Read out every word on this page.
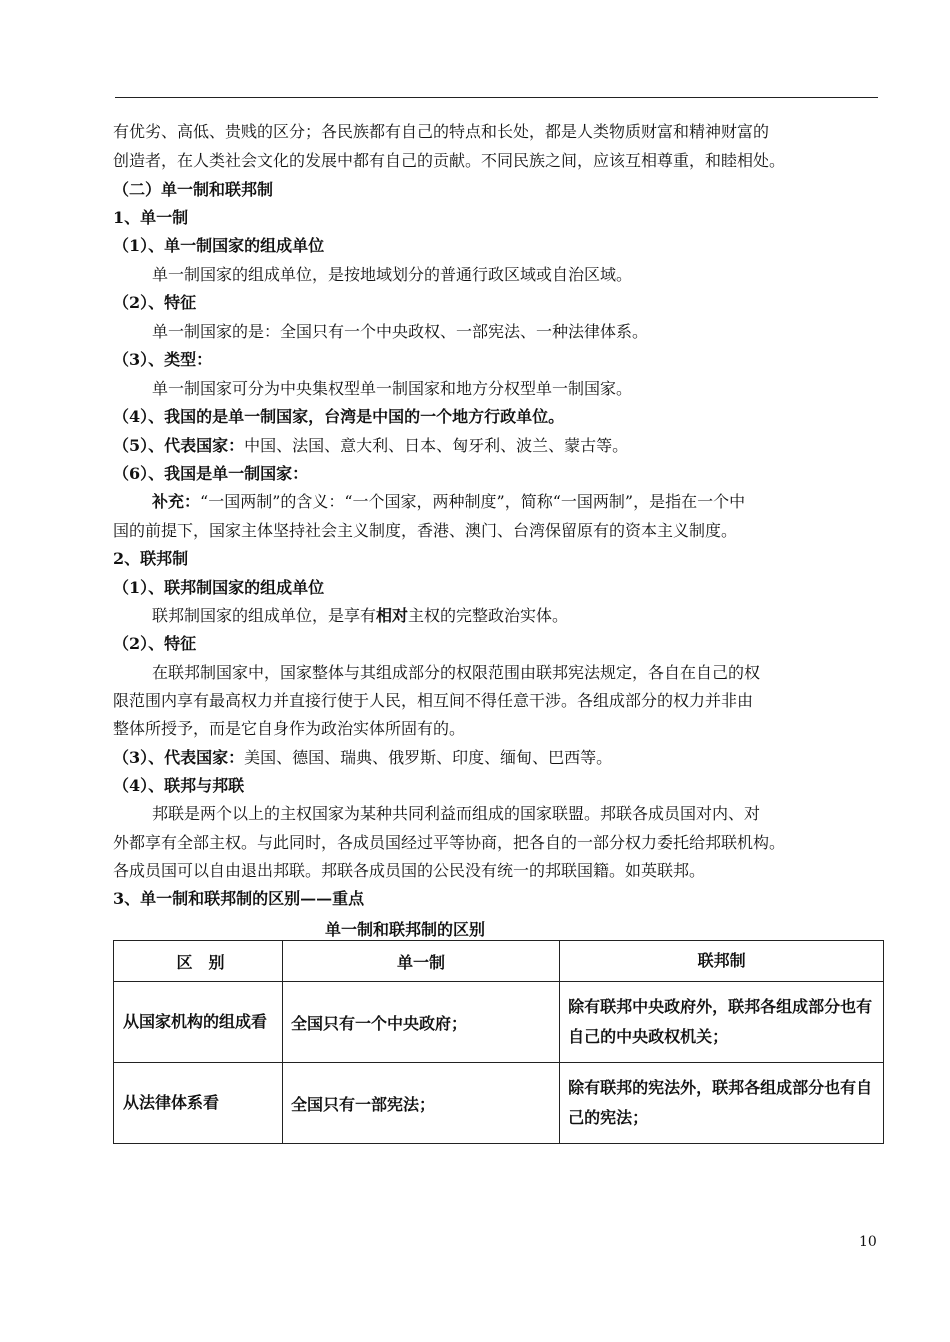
有优劣、高低、贵贱的区分；各民族都有自己的特点和长处，都是人类物质财富和精神财富的
创造者，在人类社会文化的发展中都有自己的贡献。不同民族之间，应该互相尊重，和睦相处。
（二）单一制和联邦制
1、单一制
（1）、单一制国家的组成单位
单一制国家的组成单位，是按地域划分的普通行政区域或自治区域。
（2）、特征
单一制国家的是：全国只有一个中央政权、一部宪法、一种法律体系。
（3）、类型：
单一制国家可分为中央集权型单一制国家和地方分权型单一制国家。
（4）、我国的是单一制国家，台湾是中国的一个地方行政单位。
（5）、代表国家：中国、法国、意大利、日本、匈牙利、波兰、蒙古等。
（6）、我国是单一制国家：
补充：“一国两制”的含义：“一个国家，两种制度”，简称“一国两制”，是指在一个中
国的前提下，国家主体坚持社会主义制度，香港、澳门、台湾保留原有的资本主义制度。
2、联邦制
（1）、联邦制国家的组成单位
联邦制国家的组成单位，是享有相对主权的完整政治实体。
（2）、特征
在联邦制国家中，国家整体与其组成部分的权限范围由联邦宪法规定，各自在自己的权
限范围内享有最高权力并直接行使于人民，相互间不得任意干涉。各组成部分的权力并非由
整体所授予，而是它自身作为政治实体所固有的。
（3）、代表国家：美国、德国、瑞典、俄罗斯、印度、缅甸、巴西等。
（4）、联邦与邦联
邦联是两个以上的主权国家为某种共同利益而组成的国家联盟。邦联各成员国对内、对
外都享有全部主权。与此同时，各成员国经过平等协商，把各自的一部分权力委托给邦联机构。
各成员国可以自由退出邦联。邦联各成员国的公民没有统一的邦联国籍。如英联邦。
3、单一制和联邦制的区别——重点
单一制和联邦制的区别
区　别	单一制	联邦制

从国家机构的组成看	全国只有一个中央政府；	除有联邦中央政府外，联邦各组成部分也有自己的中央政权机关；

从法律体系看	全国只有一部宪法；	除有联邦的宪法外，联邦各组成部分也有自己的宪法；
10
